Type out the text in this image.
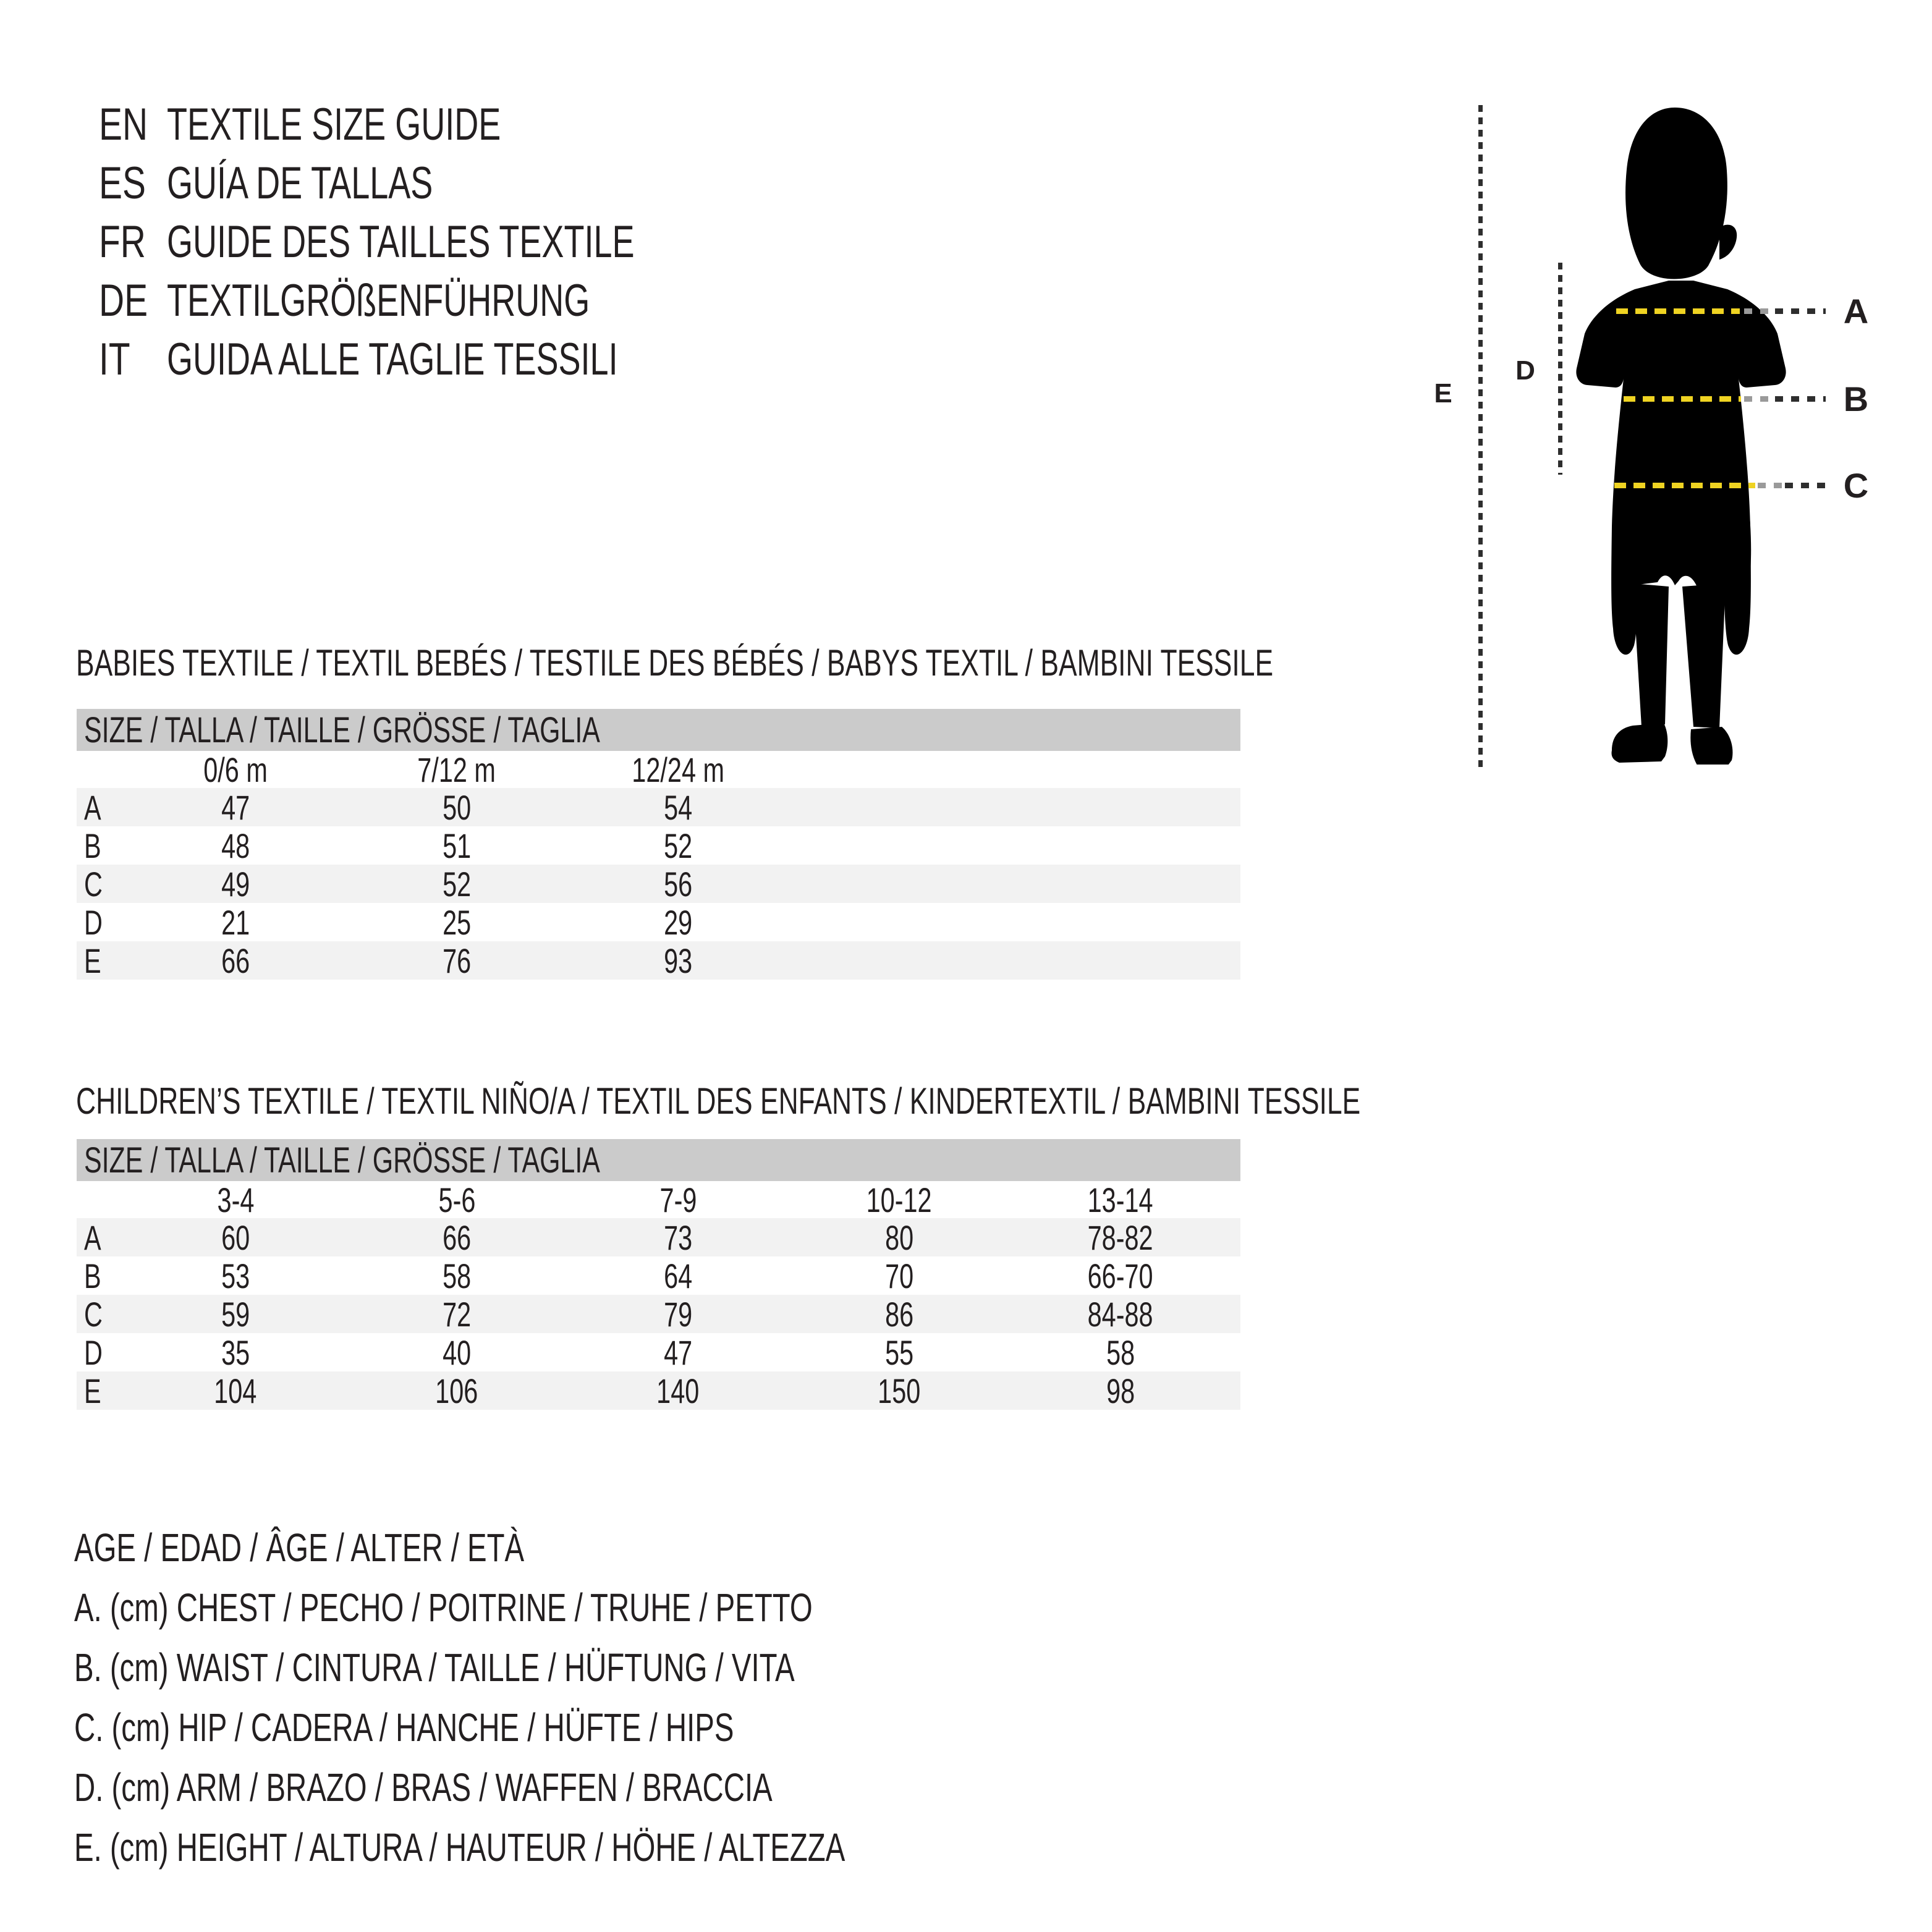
EN TEXTILE SIZE GUIDE
ES GUÍA DE TALLAS
FR GUIDE DES TAILLES TEXTILE
DE TEXTILGRÖßENFÜHRUNG
IT GUIDA ALLE TAGLIE TESSILI
E
D
A
B
C
BABIES TEXTILE / TEXTIL BEBÉS / TESTILE DES BÉBÉS / BABYS TEXTIL / BAMBINI TESSILE
SIZE / TALLA / TAILLE / GRÖSSE / TAGLIA
0/6 m	7/12 m	12/24 m
A	47	50	54
B	48	51	52
C	49	52	56
D	21	25	29
E	66	76	93
CHILDREN’S TEXTILE / TEXTIL NIÑO/A / TEXTIL DES ENFANTS / KINDERTEXTIL / BAMBINI TESSILE
SIZE / TALLA / TAILLE / GRÖSSE / TAGLIA
3-4	5-6	7-9	10-12	13-14
A	60	66	73	80	78-82
B	53	58	64	70	66-70
C	59	72	79	86	84-88
D	35	40	47	55	58
E	104	106	140	150	98
AGE / EDAD / ÂGE / ALTER / ETÀ
A. (cm) CHEST / PECHO / POITRINE / TRUHE / PETTO
B. (cm) WAIST / CINTURA / TAILLE / HÜFTUNG / VITA
C. (cm) HIP / CADERA / HANCHE / HÜFTE / HIPS
D. (cm) ARM / BRAZO / BRAS / WAFFEN / BRACCIA
E. (cm) HEIGHT / ALTURA / HAUTEUR / HÖHE / ALTEZZA
